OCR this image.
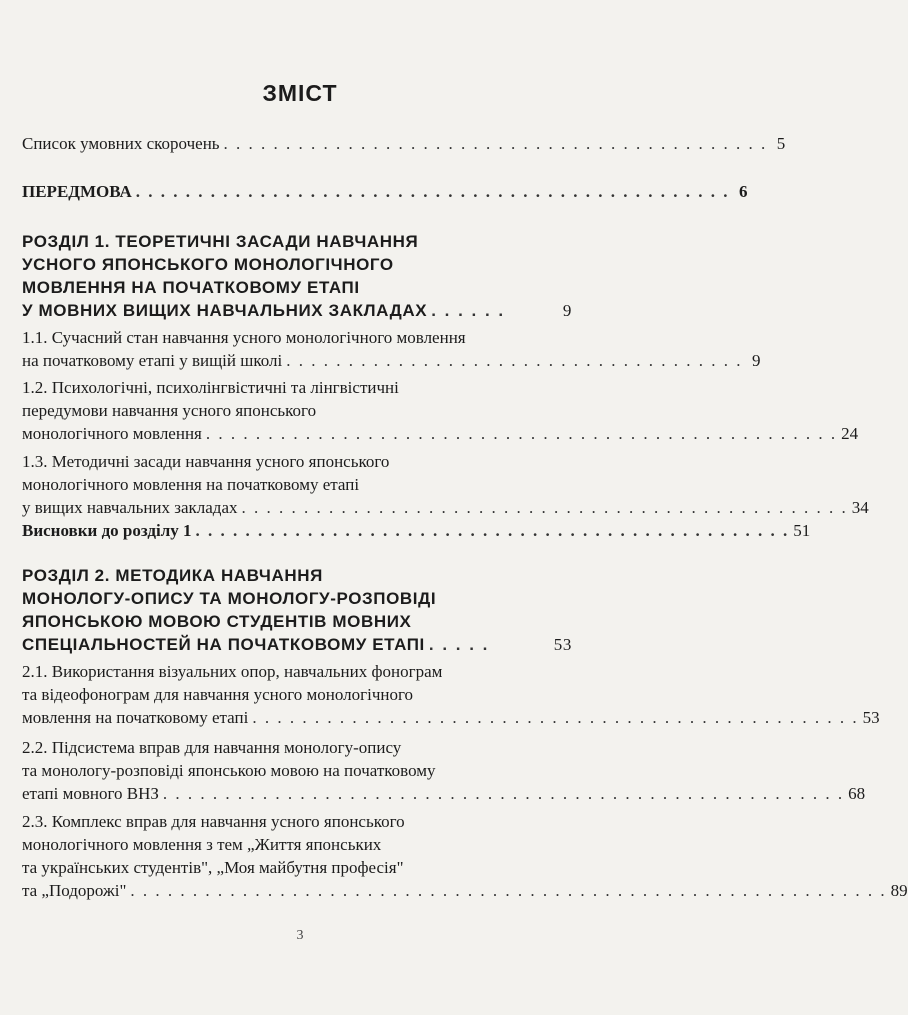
ЗМІСТ
Список умовних скорочень . . . . . . . . . . . . . . . . . . . . . . . . . . . . . . . . . . . . . . . . . . . . 5
ПЕРЕДМОВА . . . . . . . . . . . . . . . . . . . . . . . . . . . . . . . . . . . . . . . . . . . . . . . . 6
РОЗДІЛ 1. ТЕОРЕТИЧНІ ЗАСАДИ НАВЧАННЯ
УСНОГО ЯПОНСЬКОГО МОНОЛОГІЧНОГО
МОВЛЕННЯ НА ПОЧАТКОВОМУ ЕТАПІ
У МОВНИХ ВИЩИХ НАВЧАЛЬНИХ ЗАКЛАДАХ . . . . . .	9
1.1. Сучасний стан навчання усного монологічного мовлення
на початковому етапі у вищій школі . . . . . . . . . . . . . . . . . . . . . . . . . . . . . . . . . . . . . 9
1.2. Психологічні, психолінгвістичні та лінгвістичні
передумови навчання усного японського
монологічного мовлення . . . . . . . . . . . . . . . . . . . . . . . . . . . . . . . . . . . . . . . . . . . . . . . . . . . 24
1.3. Методичні засади навчання усного японського
монологічного мовлення на початковому етапі
у вищих навчальних закладах . . . . . . . . . . . . . . . . . . . . . . . . . . . . . . . . . . . . . . . . . . . . . . . . . 34
Висновки до розділу 1 . . . . . . . . . . . . . . . . . . . . . . . . . . . . . . . . . . . . . . . . . . . . . . . . 51
РОЗДІЛ 2. МЕТОДИКА НАВЧАННЯ
МОНОЛОГУ-ОПИСУ ТА МОНОЛОГУ-РОЗПОВІДІ
ЯПОНСЬКОЮ МОВОЮ СТУДЕНТІВ МОВНИХ
СПЕЦІАЛЬНОСТЕЙ НА ПОЧАТКОВОМУ ЕТАПІ . . . . .	53
2.1. Використання візуальних опор, навчальних фонограм
та відеофонограм для навчання усного монологічного
мовлення на початковому етапі . . . . . . . . . . . . . . . . . . . . . . . . . . . . . . . . . . . . . . . . . . . . . . . . . 53
2.2. Підсистема вправ для навчання монологу-опису
та монологу-розповіді японською мовою на початковому
етапі мовного ВНЗ . . . . . . . . . . . . . . . . . . . . . . . . . . . . . . . . . . . . . . . . . . . . . . . . . . . . . . . 68
2.3. Комплекс вправ для навчання усного японського
монологічного мовлення з тем „Життя японських
та українських студентів", „Моя майбутня професія"
та „Подорожі" . . . . . . . . . . . . . . . . . . . . . . . . . . . . . . . . . . . . . . . . . . . . . . . . . . . . . . . . . . . . . 89
3
